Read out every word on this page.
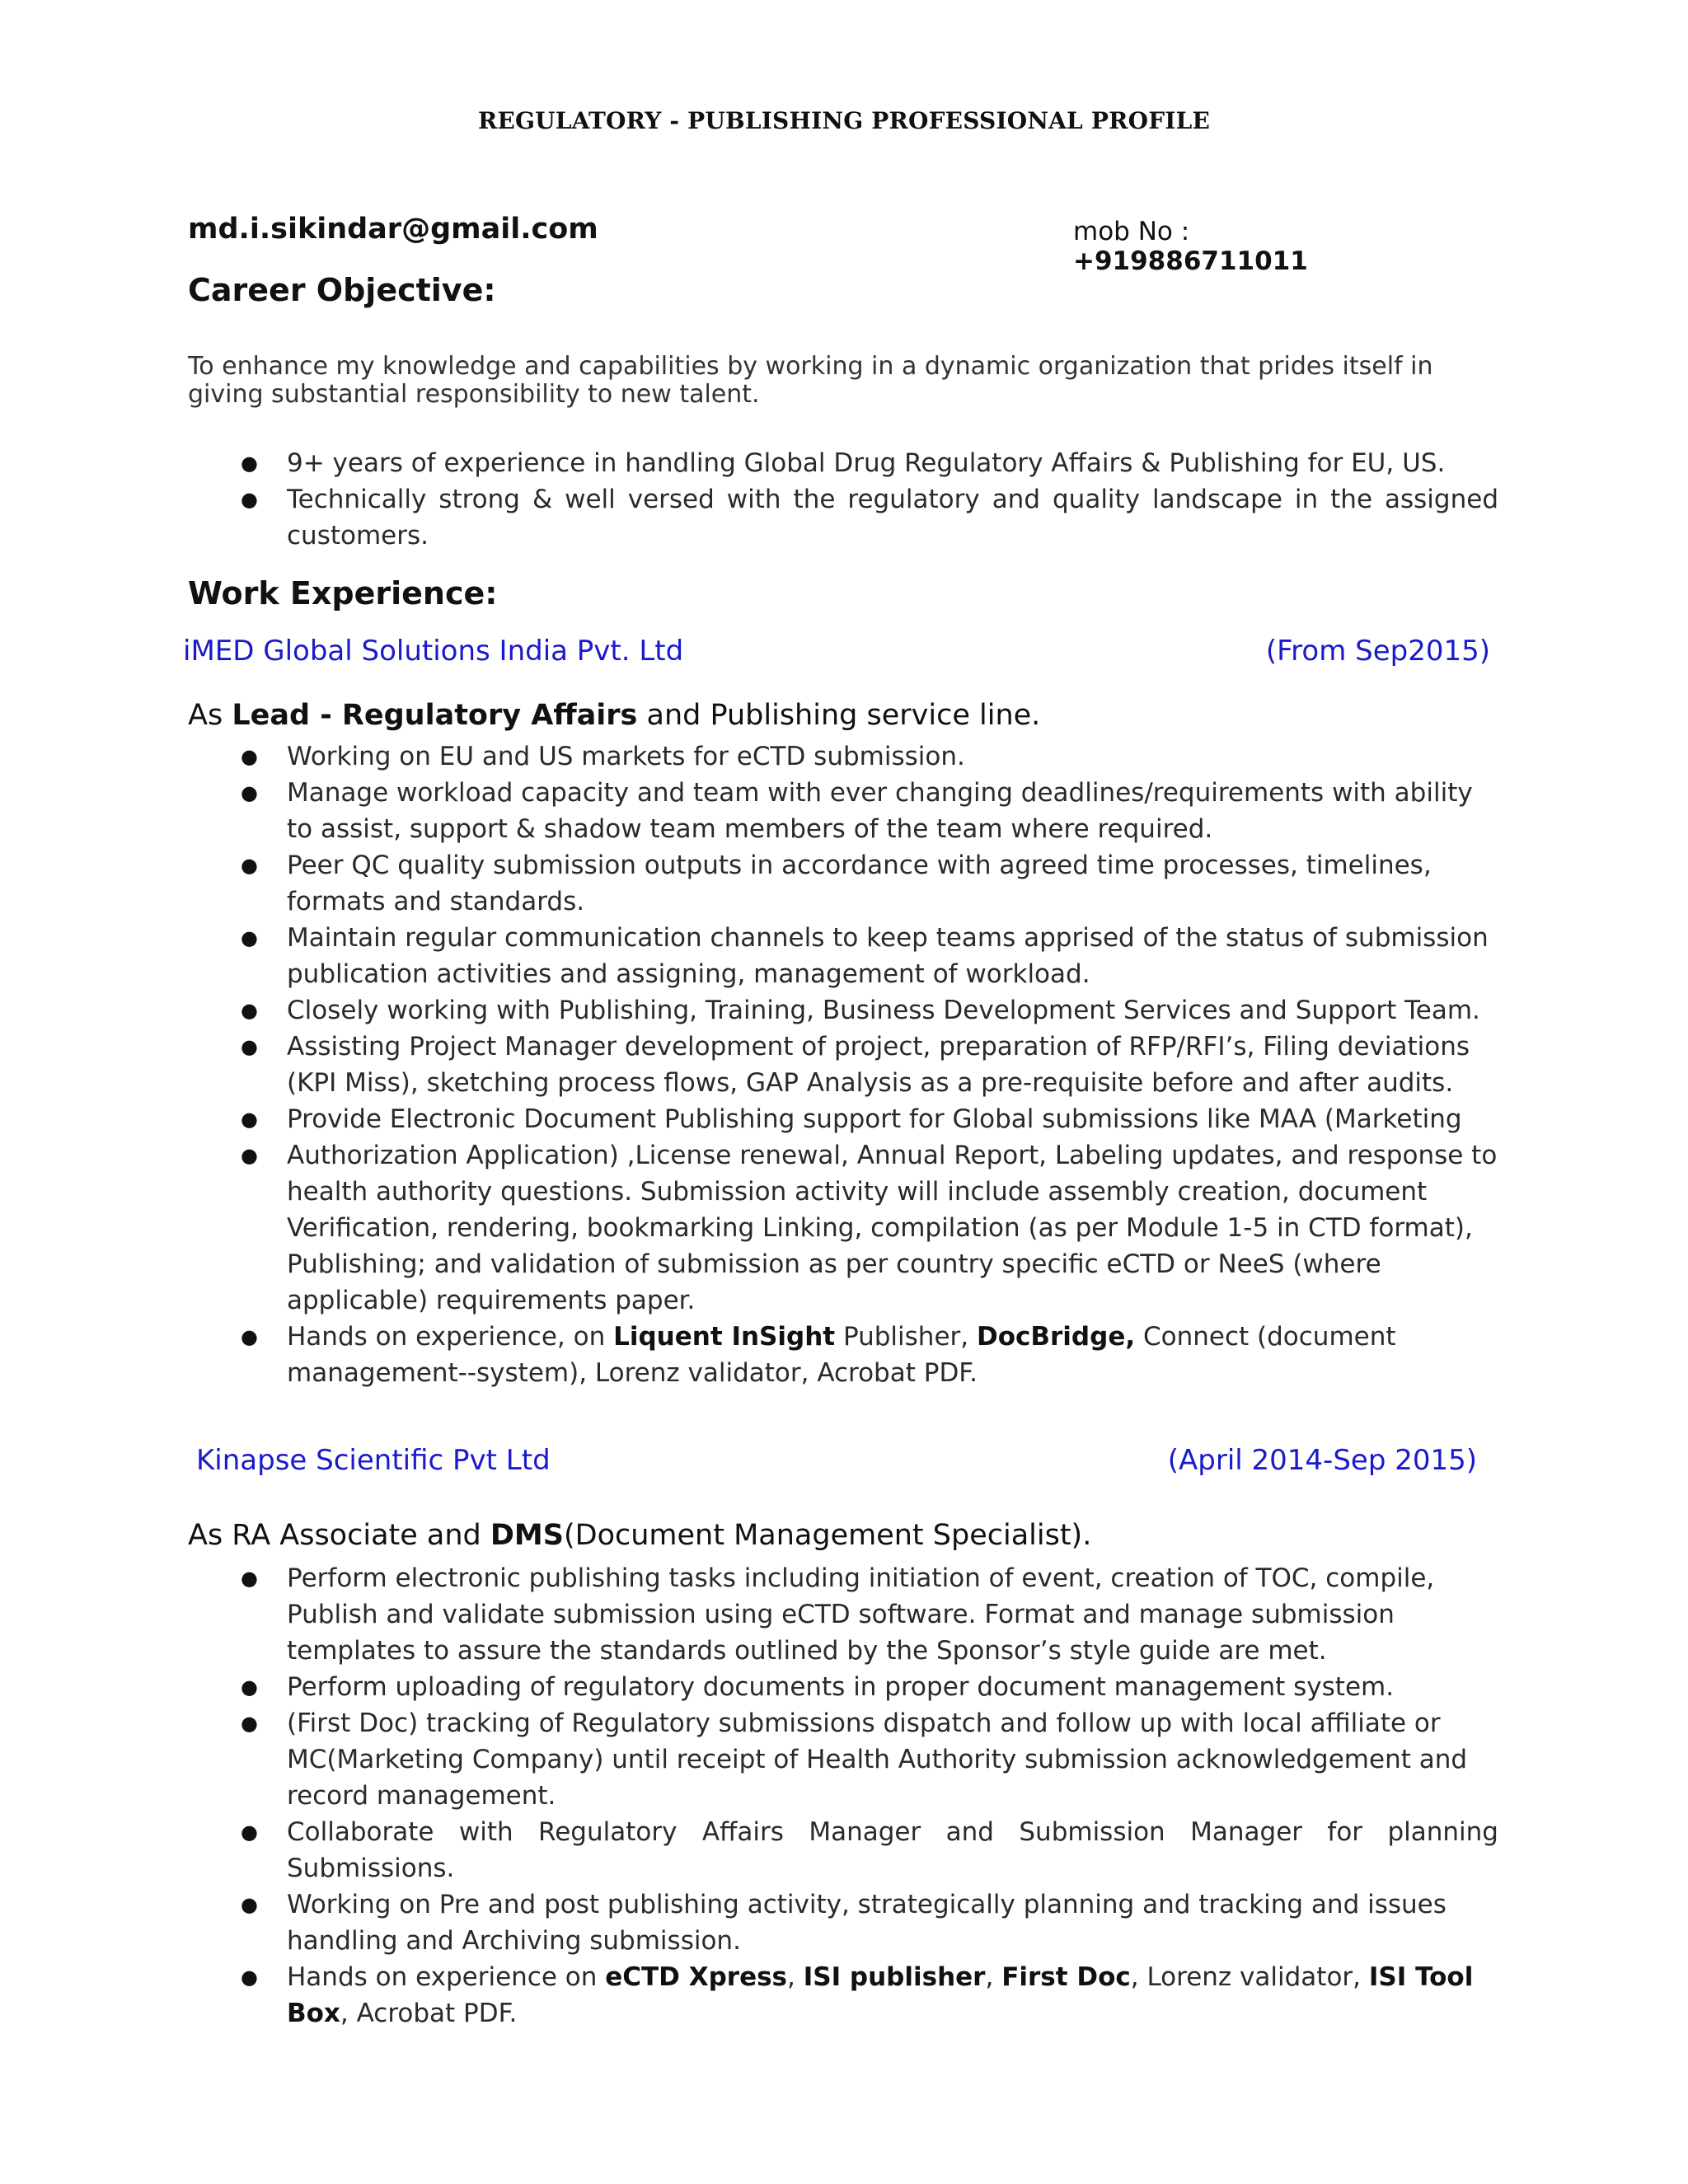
REGULATORY - PUBLISHING PROFESSIONAL PROFILE
md.i.sikindar@gmail.com	mob No : +919886711011
Career Objective:
To enhance my knowledge and capabilities by working in a dynamic organization that prides itself in
giving substantial responsibility to new talent.
● 9+ years of experience in handling Global Drug Regulatory Affairs & Publishing for EU, US.
● Technically strong & well versed with the regulatory and quality landscape in the assigned customers.
Work Experience:
iMED Global Solutions India Pvt. Ltd	(From Sep2015)
As Lead - Regulatory Affairs and Publishing service line.
● Working on EU and US markets for eCTD submission.
● Manage workload capacity and team with ever changing deadlines/requirements with ability to assist, support & shadow team members of the team where required.
● Peer QC quality submission outputs in accordance with agreed time processes, timelines, formats and standards.
● Maintain regular communication channels to keep teams apprised of the status of submission publication activities and assigning, management of workload.
● Closely working with Publishing, Training, Business Development Services and Support Team.
● Assisting Project Manager development of project, preparation of RFP/RFI’s, Filing deviations (KPI Miss), sketching process flows, GAP Analysis as a pre-requisite before and after audits.
● Provide Electronic Document Publishing support for Global submissions like MAA (Marketing
● Authorization Application) ,License renewal, Annual Report, Labeling updates, and response to health authority questions. Submission activity will include assembly creation, document Verification, rendering, bookmarking Linking, compilation (as per Module 1-5 in CTD format), Publishing; and validation of submission as per country specific eCTD or NeeS (where applicable) requirements paper.
● Hands on experience, on Liquent InSight Publisher, DocBridge, Connect (document management--system), Lorenz validator, Acrobat PDF.
Kinapse Scientific Pvt Ltd	(April 2014-Sep 2015)
As RA Associate and DMS(Document Management Specialist).
● Perform electronic publishing tasks including initiation of event, creation of TOC, compile, Publish and validate submission using eCTD software. Format and manage submission templates to assure the standards outlined by the Sponsor’s style guide are met.
● Perform uploading of regulatory documents in proper document management system.
● (First Doc) tracking of Regulatory submissions dispatch and follow up with local affiliate or MC(Marketing Company) until receipt of Health Authority submission acknowledgement and record management.
● Collaborate with Regulatory Affairs Manager and Submission Manager for planning Submissions.
● Working on Pre and post publishing activity, strategically planning and tracking and issues handling and Archiving submission.
● Hands on experience on eCTD Xpress, ISI publisher, First Doc, Lorenz validator, ISI Tool Box, Acrobat PDF.
